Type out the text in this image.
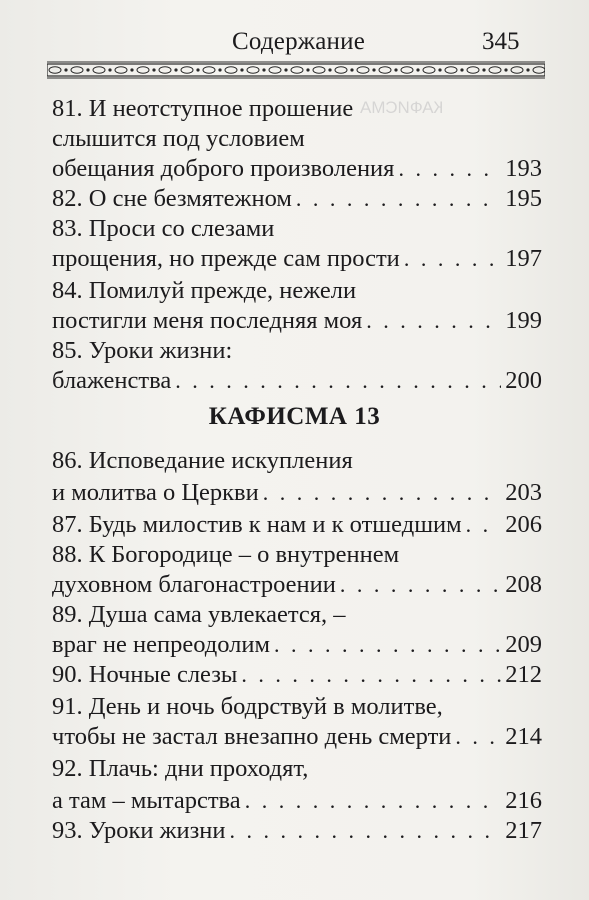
КАФИСМА
Содержание	345
81. И неотступное прошение
слышится под условием
обещания доброго произволения . . .	193
82. О сне безмятежном . . .	195
83. Проси со слезами
прощения, но прежде сам прости . . .	197
84. Помилуй прежде, нежели
постигли меня последняя моя . . .	199
85. Уроки жизни:
блаженства . . .	200
КАФИСМА 13
86. Исповедание искупления
и молитва о Церкви . . .	203
87. Будь милостив к нам и к отшедшим . . . 206
88. К Богородице – о внутреннем
духовном благонастроении . . .	208
89. Душа сама увлекается, –
враг не непреодолим . . .	209
90. Ночные слезы . . .	212
91. День и ночь бодрствуй в молитве,
чтобы не застал внезапно день смерти . . . 214
92. Плачь: дни проходят,
а там – мытарства . . .	216
93. Уроки жизни . . .	217
